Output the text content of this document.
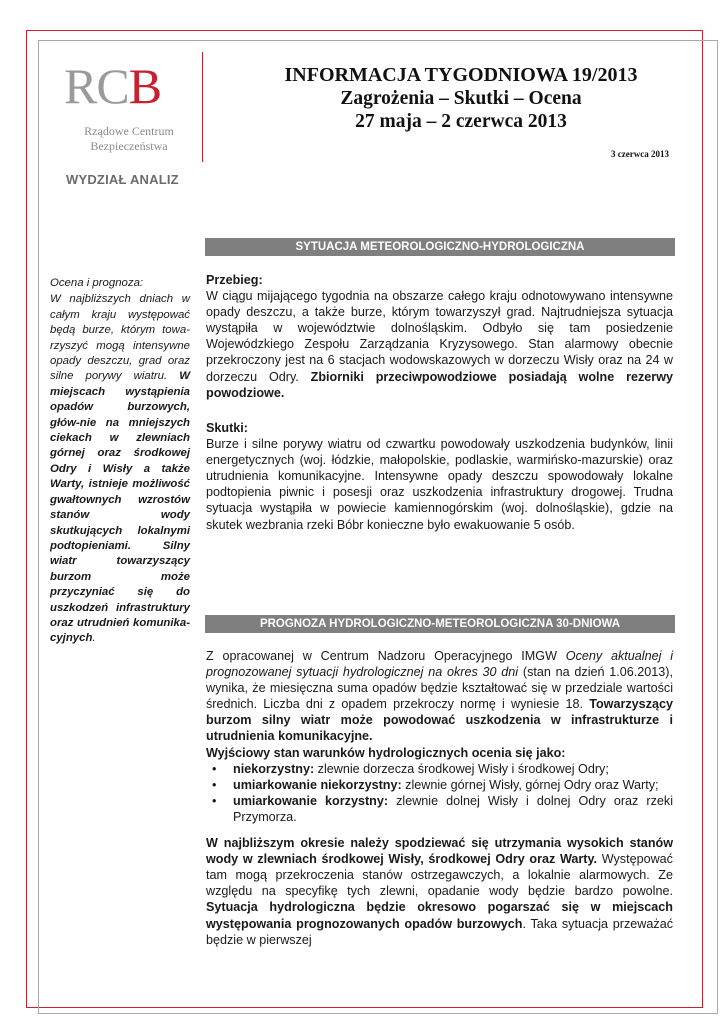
RCB
Rządowe Centrum
Bezpieczeństwa
WYDZIAŁ ANALIZ
INFORMACJA TYGODNIOWA 19/2013
Zagrożenia – Skutki – Ocena
27 maja – 2 czerwca 2013
3 czerwca 2013
SYTUACJA METEOROLOGICZNO-HYDROLOGICZNA
Ocena i prognoza:
W najbliższych dniach w całym kraju występować będą burze, którym towa-rzyszyć mogą intensywne opady deszczu, grad oraz silne porywy wiatru. W miejscach wystąpienia opadów burzowych, głów-nie na mniejszych ciekach w zlewniach górnej oraz środkowej Odry i Wisły a także Warty, istnieje możliwość gwałtownych wzrostów stanów wody skutkujących lokalnymi podtopieniami. Silny wiatr towarzyszący burzom może przyczyniać się do uszkodzeń infrastruktury oraz utrudnień komunika-cyjnych.
Przebieg:

W ciągu mijającego tygodnia na obszarze całego kraju odnotowywano intensywne opady deszczu, a także burze, którym towarzyszył grad. Najtrudniejsza sytuacja wystąpiła w województwie dolnośląskim. Odbyło się tam posiedzenie Wojewódzkiego Zespołu Zarządzania Kryzysowego. Stan alarmowy obecnie przekroczony jest na 6 stacjach wodowskazowych w dorzeczu Wisły oraz na 24 w dorzeczu Odry. Zbiorniki przeciwpowodziowe posiadają wolne rezerwy powodziowe.

Skutki:

Burze i silne porywy wiatru od czwartku powodowały uszkodzenia budynków, linii energetycznych (woj. łódzkie, małopolskie, podlaskie, warmińsko-mazurskie) oraz utrudnienia komunikacyjne. Intensywne opady deszczu spowodowały lokalne podtopienia piwnic i posesji oraz uszkodzenia infrastruktury drogowej. Trudna sytuacja wystąpiła w powiecie kamiennogórskim (woj. dolnośląskie), gdzie na skutek wezbrania rzeki Bóbr konieczne było ewakuowanie 5 osób.

PROGNOZA HYDROLOGICZNO-METEOROLOGICZNA 30-DNIOWA

Z opracowanej w Centrum Nadzoru Operacyjnego IMGW Oceny aktualnej i prognozowanej sytuacji hydrologicznej na okres 30 dni (stan na dzień 1.06.2013), wynika, że miesięczna suma opadów będzie kształtować się w przedziale wartości średnich. Liczba dni z opadem przekroczy normę i wyniesie 18. Towarzyszący burzom silny wiatr może powodować uszkodzenia w infrastrukturze i utrudnienia komunikacyjne.

Wyjściowy stan warunków hydrologicznych ocenia się jako:

• niekorzystny: zlewnie dorzecza środkowej Wisły i środkowej Odry;
• umiarkowanie niekorzystny: zlewnie górnej Wisły, górnej Odry oraz Warty;
• umiarkowanie korzystny: zlewnie dolnej Wisły i dolnej Odry oraz rzeki Przymorza.

W najbliższym okresie należy spodziewać się utrzymania wysokich stanów wody w zlewniach środkowej Wisły, środkowej Odry oraz Warty. Występować tam mogą przekroczenia stanów ostrzegawczych, a lokalnie alarmowych. Ze względu na specyfikę tych zlewni, opadanie wody będzie bardzo powolne. Sytuacja hydrologiczna będzie okresowo pogarszać się w miejscach występowania prognozowanych opadów burzowych. Taka sytuacja przeważać będzie w pierwszej
